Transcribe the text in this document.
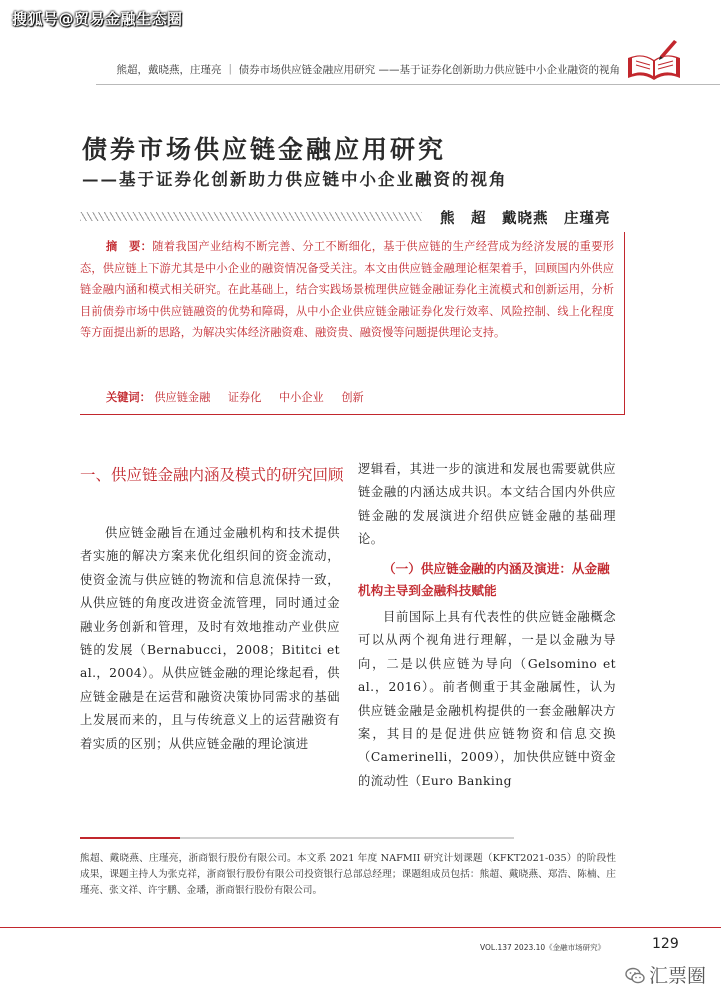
搜狐号@贸易金融生态圈
熊超，戴晓燕，庄瑾亮 ｜ 债券市场供应链金融应用研究 ——基于证券化创新助力供应链中小企业融资的视角
债券市场供应链金融应用研究
——基于证券化创新助力供应链中小企业融资的视角
熊　超　戴晓燕　庄瑾亮
摘　要：随着我国产业结构不断完善、分工不断细化，基于供应链的生产经营成为经济发展的重要形态，供应链上下游尤其是中小企业的融资情况备受关注。本文由供应链金融理论框架着手，回顾国内外供应链金融内涵和模式相关研究。在此基础上，结合实践场景梳理供应链金融证券化主流模式和创新运用，分析目前债券市场中供应链融资的优势和障碍，从中小企业供应链金融证券化发行效率、风险控制、线上化程度等方面提出新的思路，为解决实体经济融资难、融资贵、融资慢等问题提供理论支持。
关键词： 供应链金融 证券化 中小企业 创新
一、供应链金融内涵及模式的研究回顾
供应链金融旨在通过金融机构和技术提供者实施的解决方案来优化组织间的资金流动，使资金流与供应链的物流和信息流保持一致，从供应链的角度改进资金流管理，同时通过金融业务创新和管理，及时有效地推动产业供应链的发展（Bernabucci，2008；Bititci et al.，2004）。从供应链金融的理论缘起看，供应链金融是在运营和融资决策协同需求的基础上发展而来的，且与传统意义上的运营融资有着实质的区别；从供应链金融的理论演进
逻辑看，其进一步的演进和发展也需要就供应链金融的内涵达成共识。本文结合国内外供应链金融的发展演进介绍供应链金融的基础理论。
（一）供应链金融的内涵及演进：从金融机构主导到金融科技赋能
目前国际上具有代表性的供应链金融概念可以从两个视角进行理解，一是以金融为导向，二是以供应链为导向（Gelsomino et al.，2016）。前者侧重于其金融属性，认为供应链金融是金融机构提供的一套金融解决方案，其目的是促进供应链物资和信息交换（Camerinelli，2009），加快供应链中资金的流动性（Euro Banking
熊超、戴晓燕、庄瑾亮，浙商银行股份有限公司。本文系 2021 年度 NAFMII 研究计划课题（KFKT2021-035）的阶段性成果，课题主持人为张克祥，浙商银行股份有限公司投资银行总部总经理；课题组成员包括：熊超、戴晓燕、郑浩、陈楠、庄瑾亮、张文祥、许宇鹏、金璠，浙商银行股份有限公司。
VOL.137 2023.10《金融市场研究》	129
汇票圈
